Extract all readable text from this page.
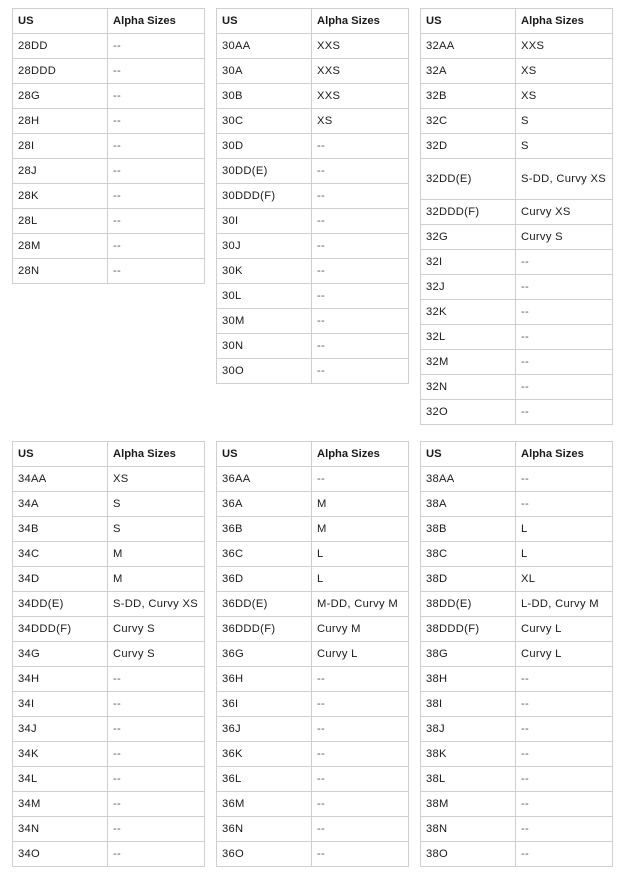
US	Alpha Sizes
28DD	--
28DDD	--
28G	--
28H	--
28I	--
28J	--
28K	--
28L	--
28M	--
28N	--
US	Alpha Sizes
30AA	XXS
30A	XXS
30B	XXS
30C	XS
30D	--
30DD(E)	--
30DDD(F)	--
30I	--
30J	--
30K	--
30L	--
30M	--
30N	--
30O	--
US	Alpha Sizes
32AA	XXS
32A	XS
32B	XS
32C	S
32D	S
32DD(E)	S-DD, Curvy XS
32DDD(F)	Curvy XS
32G	Curvy S
32I	--
32J	--
32K	--
32L	--
32M	--
32N	--
32O	--
US	Alpha Sizes
34AA	XS
34A	S
34B	S
34C	M
34D	M
34DD(E)	S-DD, Curvy XS
34DDD(F)	Curvy S
34G	Curvy S
34H	--
34I	--
34J	--
34K	--
34L	--
34M	--
34N	--
34O	--
US	Alpha Sizes
36AA	--
36A	M
36B	M
36C	L
36D	L
36DD(E)	M-DD, Curvy M
36DDD(F)	Curvy M
36G	Curvy L
36H	--
36I	--
36J	--
36K	--
36L	--
36M	--
36N	--
36O	--
US	Alpha Sizes
38AA	--
38A	--
38B	L
38C	L
38D	XL
38DD(E)	L-DD, Curvy M
38DDD(F)	Curvy L
38G	Curvy L
38H	--
38I	--
38J	--
38K	--
38L	--
38M	--
38N	--
38O	--
